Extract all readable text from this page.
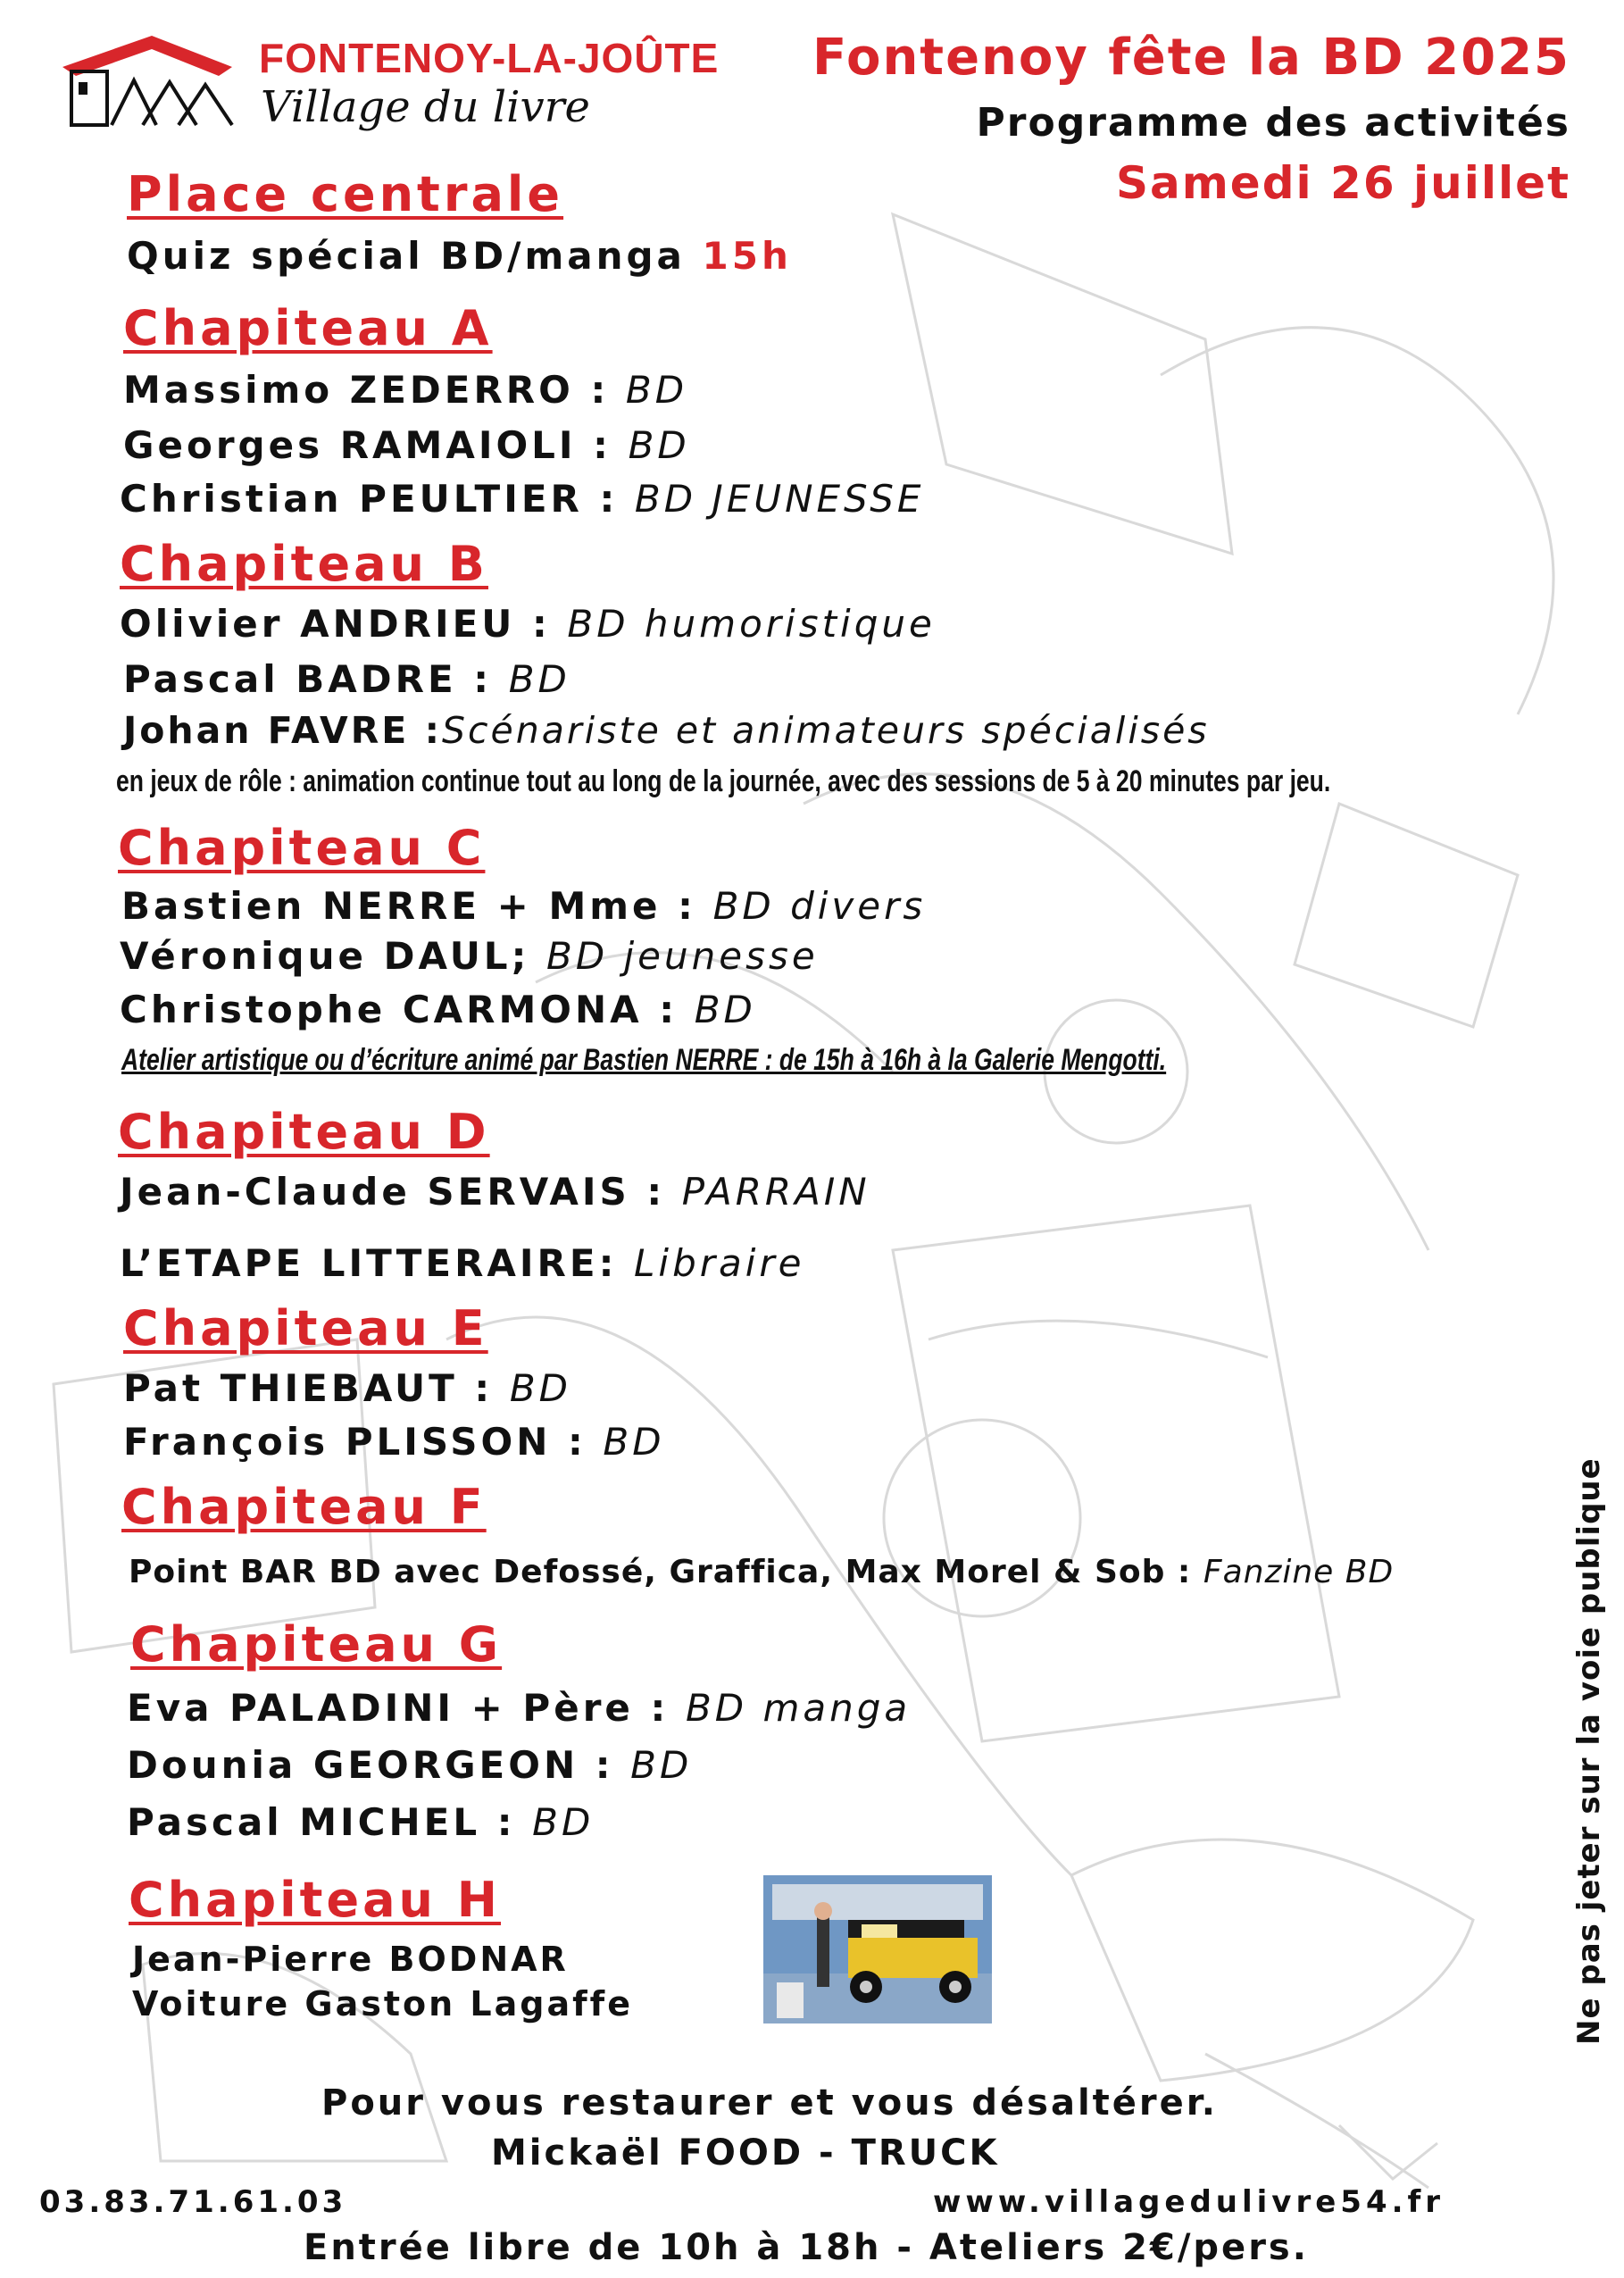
FONTENOY-LA-JOÛTE
Village du livre
Fontenoy fête la BD 2025
Programme des activités
Samedi 26 juillet
Place centrale
Quiz spécial BD/manga 15h
Chapiteau A
Massimo ZEDERRO : BD
Georges RAMAIOLI : BD
Christian PEULTIER : BD JEUNESSE
Chapiteau B
Olivier ANDRIEU : BD humoristique
Pascal BADRE : BD
Johan FAVRE :Scénariste et animateurs spécialisés
en jeux de rôle : animation continue tout au long de la journée, avec des sessions de 5 à 20 minutes par jeu.
Chapiteau C
Bastien NERRE + Mme : BD divers
Véronique DAUL; BD jeunesse
Christophe CARMONA : BD
Atelier artistique ou d’écriture animé par Bastien NERRE : de 15h à 16h à la Galerie Mengotti.
Chapiteau D
Jean-Claude SERVAIS : PARRAIN
L’ETAPE LITTERAIRE: Libraire
Chapiteau E
Pat THIEBAUT : BD
François PLISSON : BD
Chapiteau F
Point BAR BD avec Defossé, Graffica, Max Morel & Sob : Fanzine BD
Chapiteau G
Eva PALADINI + Père : BD manga
Dounia GEORGEON : BD
Pascal MICHEL : BD
Chapiteau H
Jean-Pierre BODNAR
Voiture Gaston Lagaffe	Ne pas jeter sur la voie publique
Pour vous restaurer et vous désaltérer.
Mickaël FOOD - TRUCK
03.83.71.61.03	www.villagedulivre54.fr
Entrée libre de 10h à 18h - Ateliers 2€/pers.
